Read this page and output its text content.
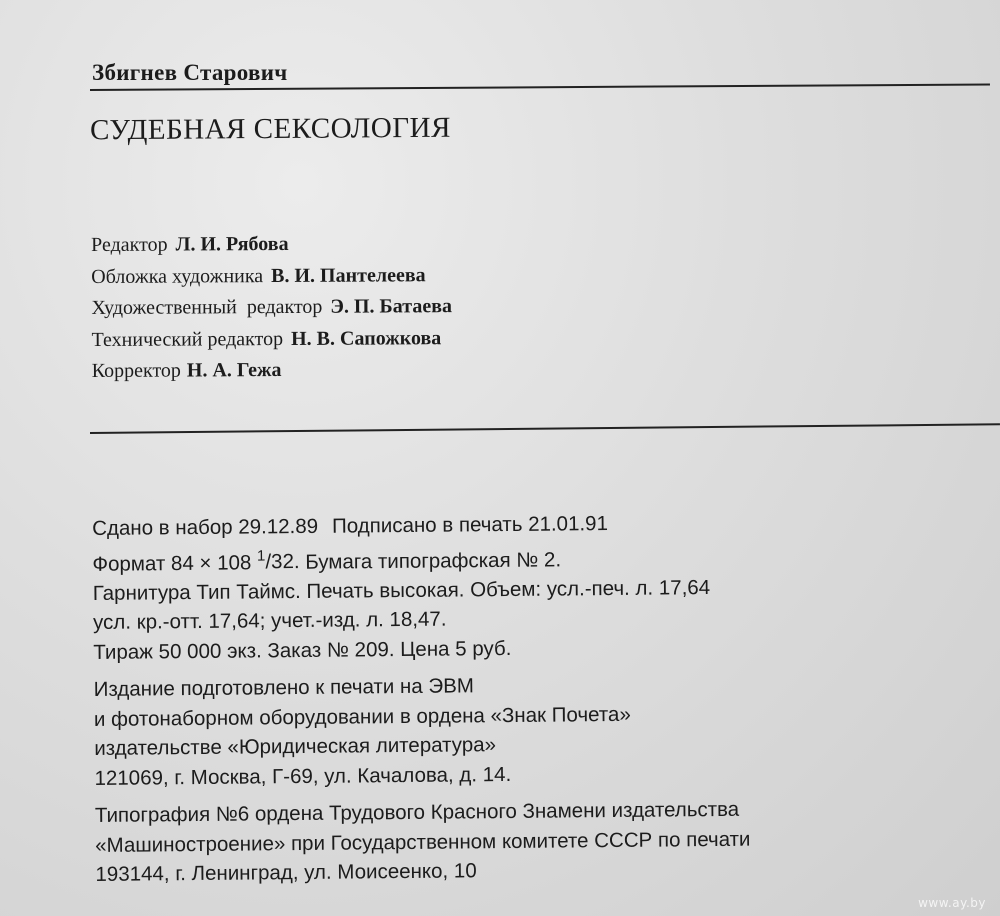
Збигнев Старович
СУДЕБНАЯ СЕКСОЛОГИЯ
Редактор Л. И. Рябова
Обложка художника В. И. Пантелеева
Художественный  редактор Э. П. Батаева
Технический редактор Н. В. Сапожкова
Корректор Н. А. Гежа
Сдано в набор 29.12.89 Подписано в печать 21.01.91
Формат 84 × 108 $^1$/32. Бумага типографская № 2.
Гарнитура Тип Таймс. Печать высокая. Объем: усл.-печ. л. 17,64
усл. кр.-отт. 17,64; учет.-изд. л. 18,47.
Тираж 50 000 экз. Заказ № 209. Цена 5 руб.
Издание подготовлено к печати на ЭВМ
и фотонаборном оборудовании в ордена «Знак Почета»
издательстве «Юридическая литература»
121069, г. Москва, Г-69, ул. Качалова, д. 14.
Типография №6 ордена Трудового Красного Знамени издательства
«Машиностроение» при Государственном комитете СССР по печати
193144, г. Ленинград, ул. Моисеенко, 10
www.ay.by
